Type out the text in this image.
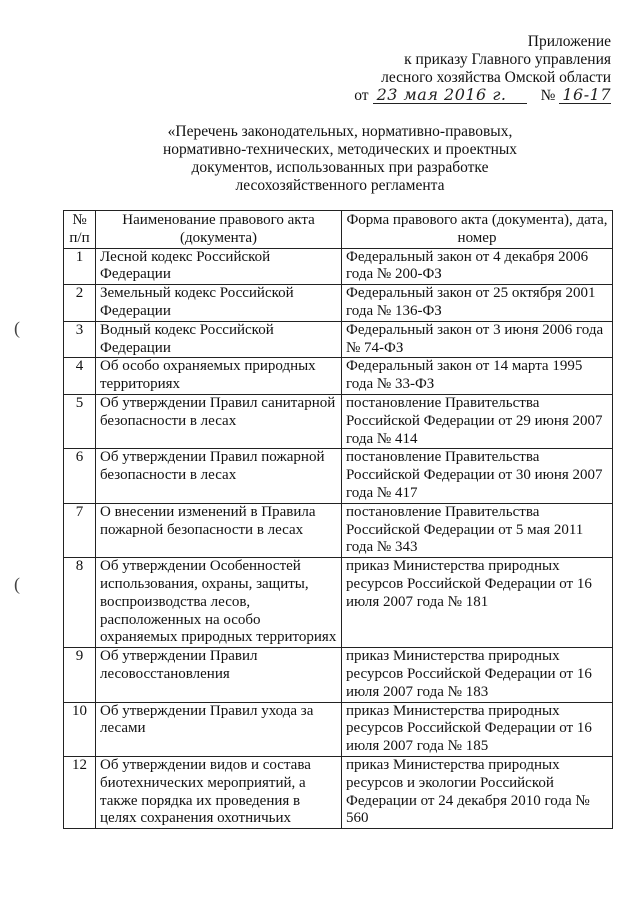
Приложение
к приказу Главного управления
лесного хозяйства Омской области
от 23 мая 2016 г.	№ 16-17
«Перечень законодательных, нормативно-правовых,
нормативно-технических, методических и проектных
документов, использованных при разработке
лесохозяйственного регламента
(
(
№ п/п	Наименование правового акта (документа)	Форма правового акта (документа), дата, номер
1	Лесной кодекс Российской Федерации	Федеральный закон от 4 декабря 2006 года № 200-ФЗ
2	Земельный кодекс Российской Федерации	Федеральный закон от 25 октября 2001 года № 136-ФЗ
3	Водный кодекс Российской Федерации	Федеральный закон от 3 июня 2006 года № 74-ФЗ
4	Об особо охраняемых природных территориях	Федеральный закон от 14 марта 1995 года № 33-ФЗ
5	Об утверждении Правил санитарной безопасности в лесах	постановление Правительства Российской Федерации от 29 июня 2007 года № 414
6	Об утверждении Правил пожарной безопасности в лесах	постановление Правительства Российской Федерации от 30 июня 2007 года № 417
7	О внесении изменений в Правила пожарной безопасности в лесах	постановление Правительства Российской Федерации от 5 мая 2011 года № 343
8	Об утверждении Особенностей использования, охраны, защиты, воспроизводства лесов, расположенных на особо охраняемых природных территориях	приказ Министерства природных ресурсов Российской Федерации от 16 июля 2007 года № 181
9	Об утверждении Правил лесовосстановления	приказ Министерства природных ресурсов Российской Федерации от 16 июля 2007 года № 183
10	Об утверждении Правил ухода за лесами	приказ Министерства природных ресурсов Российской Федерации от 16 июля 2007 года № 185
12	Об утверждении видов и состава биотехнических мероприятий, а также порядка их проведения в целях сохранения охотничьих	приказ Министерства природных ресурсов и экологии Российской Федерации от 24 декабря 2010 года № 560
